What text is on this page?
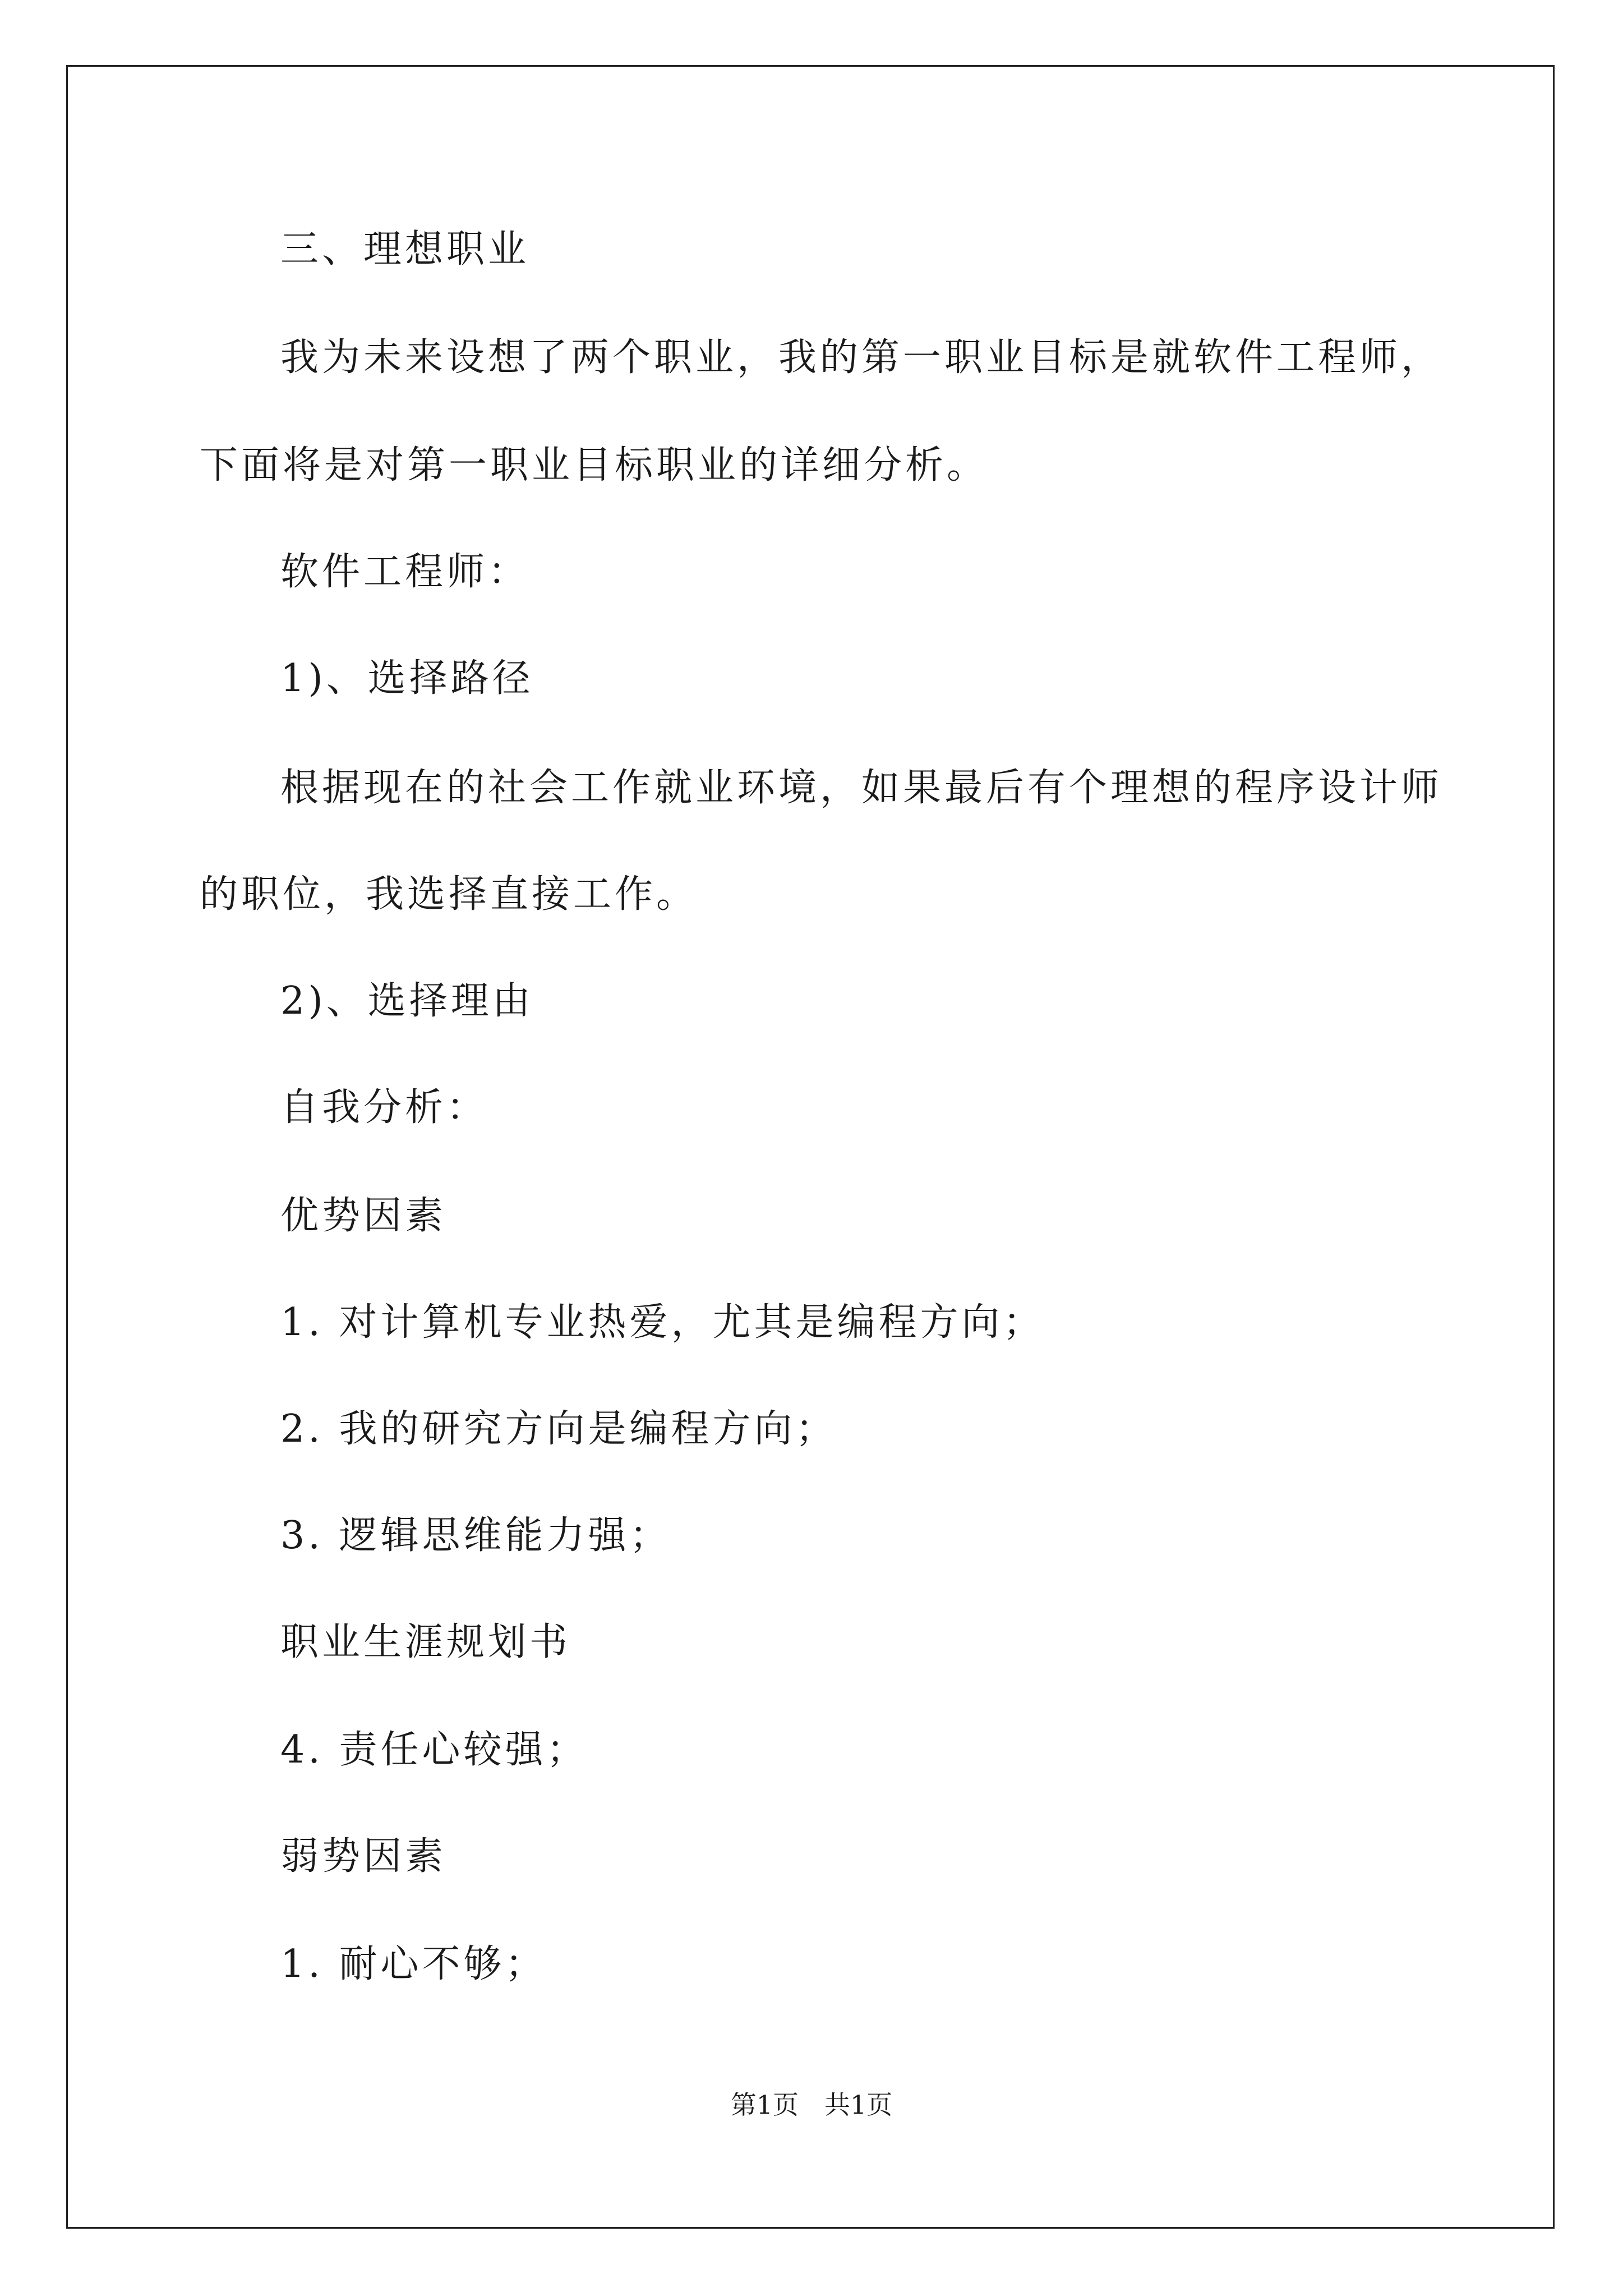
三、理想职业
我为未来设想了两个职业，我的第一职业目标是就软件工程师，
下面将是对第一职业目标职业的详细分析。
软件工程师：
1)、选择路径
根据现在的社会工作就业环境，如果最后有个理想的程序设计师
的职位，我选择直接工作。
2)、选择理由
自我分析：
优势因素
1. 对计算机专业热爱，尤其是编程方向；
2. 我的研究方向是编程方向；
3. 逻辑思维能力强；
职业生涯规划书
4. 责任心较强；
弱势因素
1. 耐心不够；
第1页　共1页
